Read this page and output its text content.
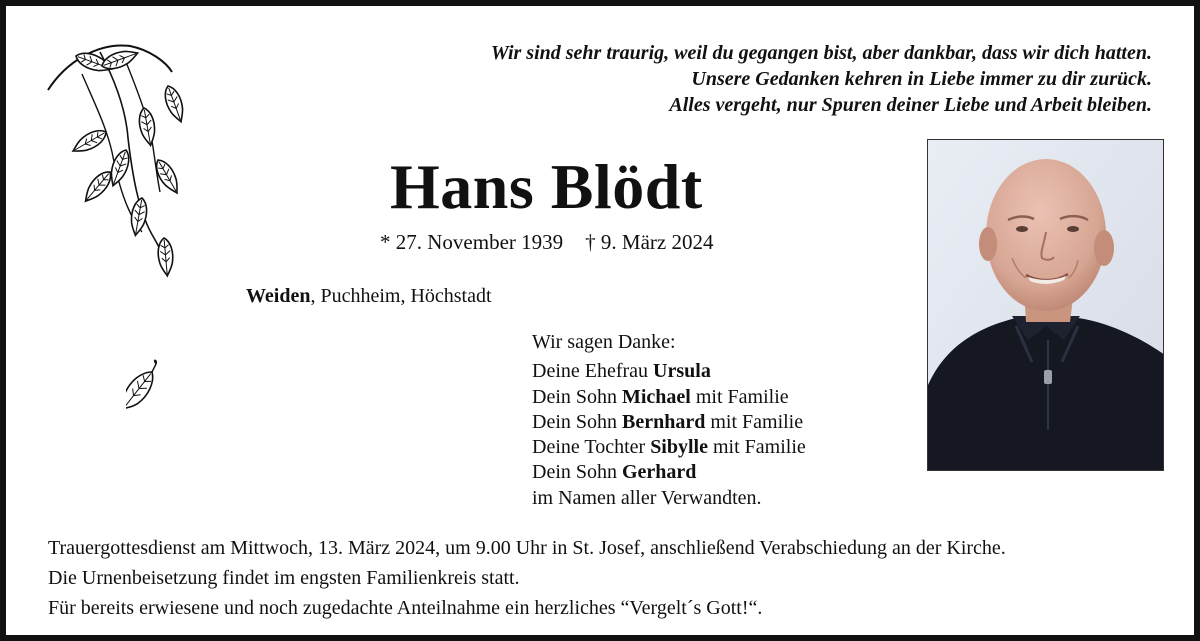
Wir sind sehr traurig, weil du gegangen bist, aber dankbar, dass wir dich hatten.
Unsere Gedanken kehren in Liebe immer zu dir zurück.
Alles vergeht, nur Spuren deiner Liebe und Arbeit bleiben.
Hans Blödt
* 27. November 1939 † 9. März 2024
Weiden, Puchheim, Höchstadt
Wir sagen Danke:
Deine Ehefrau Ursula
Dein Sohn Michael mit Familie
Dein Sohn Bernhard mit Familie
Deine Tochter Sibylle mit Familie
Dein Sohn Gerhard
im Namen aller Verwandten.
Trauergottesdienst am Mittwoch, 13. März 2024, um 9.00 Uhr in St. Josef, anschließend Verabschiedung an der Kirche.
Die Urnenbeisetzung findet im engsten Familienkreis statt.
Für bereits erwiesene und noch zugedachte Anteilnahme ein herzliches “Vergelt´s Gott!“.
